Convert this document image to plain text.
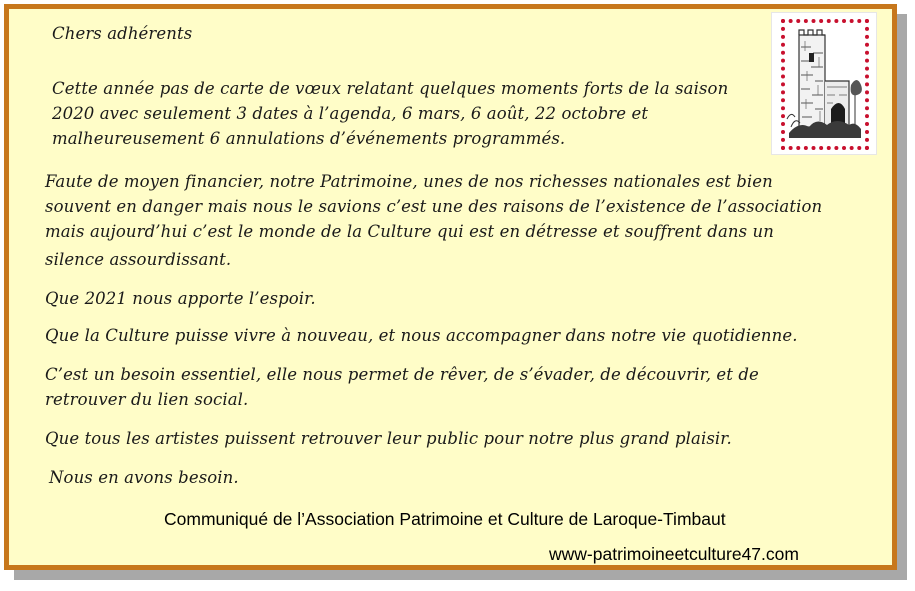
Chers adhérents

Cette année pas de carte de vœux relatant quelques moments forts de la saison

2020 avec seulement 3 dates à l’agenda, 6 mars, 6 août, 22 octobre et

malheureusement 6 annulations d’événements programmés.

Faute de moyen financier, notre Patrimoine, unes de nos richesses nationales est bien

souvent en danger mais nous le savions c’est une des raisons de l’existence de l’association

mais aujourd’hui c’est le monde de la Culture qui est en détresse et souffrent dans un

silence assourdissant.

Que 2021 nous apporte l’espoir.

Que la Culture puisse vivre à nouveau, et nous accompagner dans notre vie quotidienne.

C’est un besoin essentiel, elle nous permet de rêver, de s’évader, de découvrir, et de

retrouver du lien social.

Que tous les artistes puissent retrouver leur public pour notre plus grand plaisir.

Nous en avons besoin.

Communiqué de l’Association Patrimoine et Culture de Laroque-Timbaut

www-patrimoineetculture47.com
